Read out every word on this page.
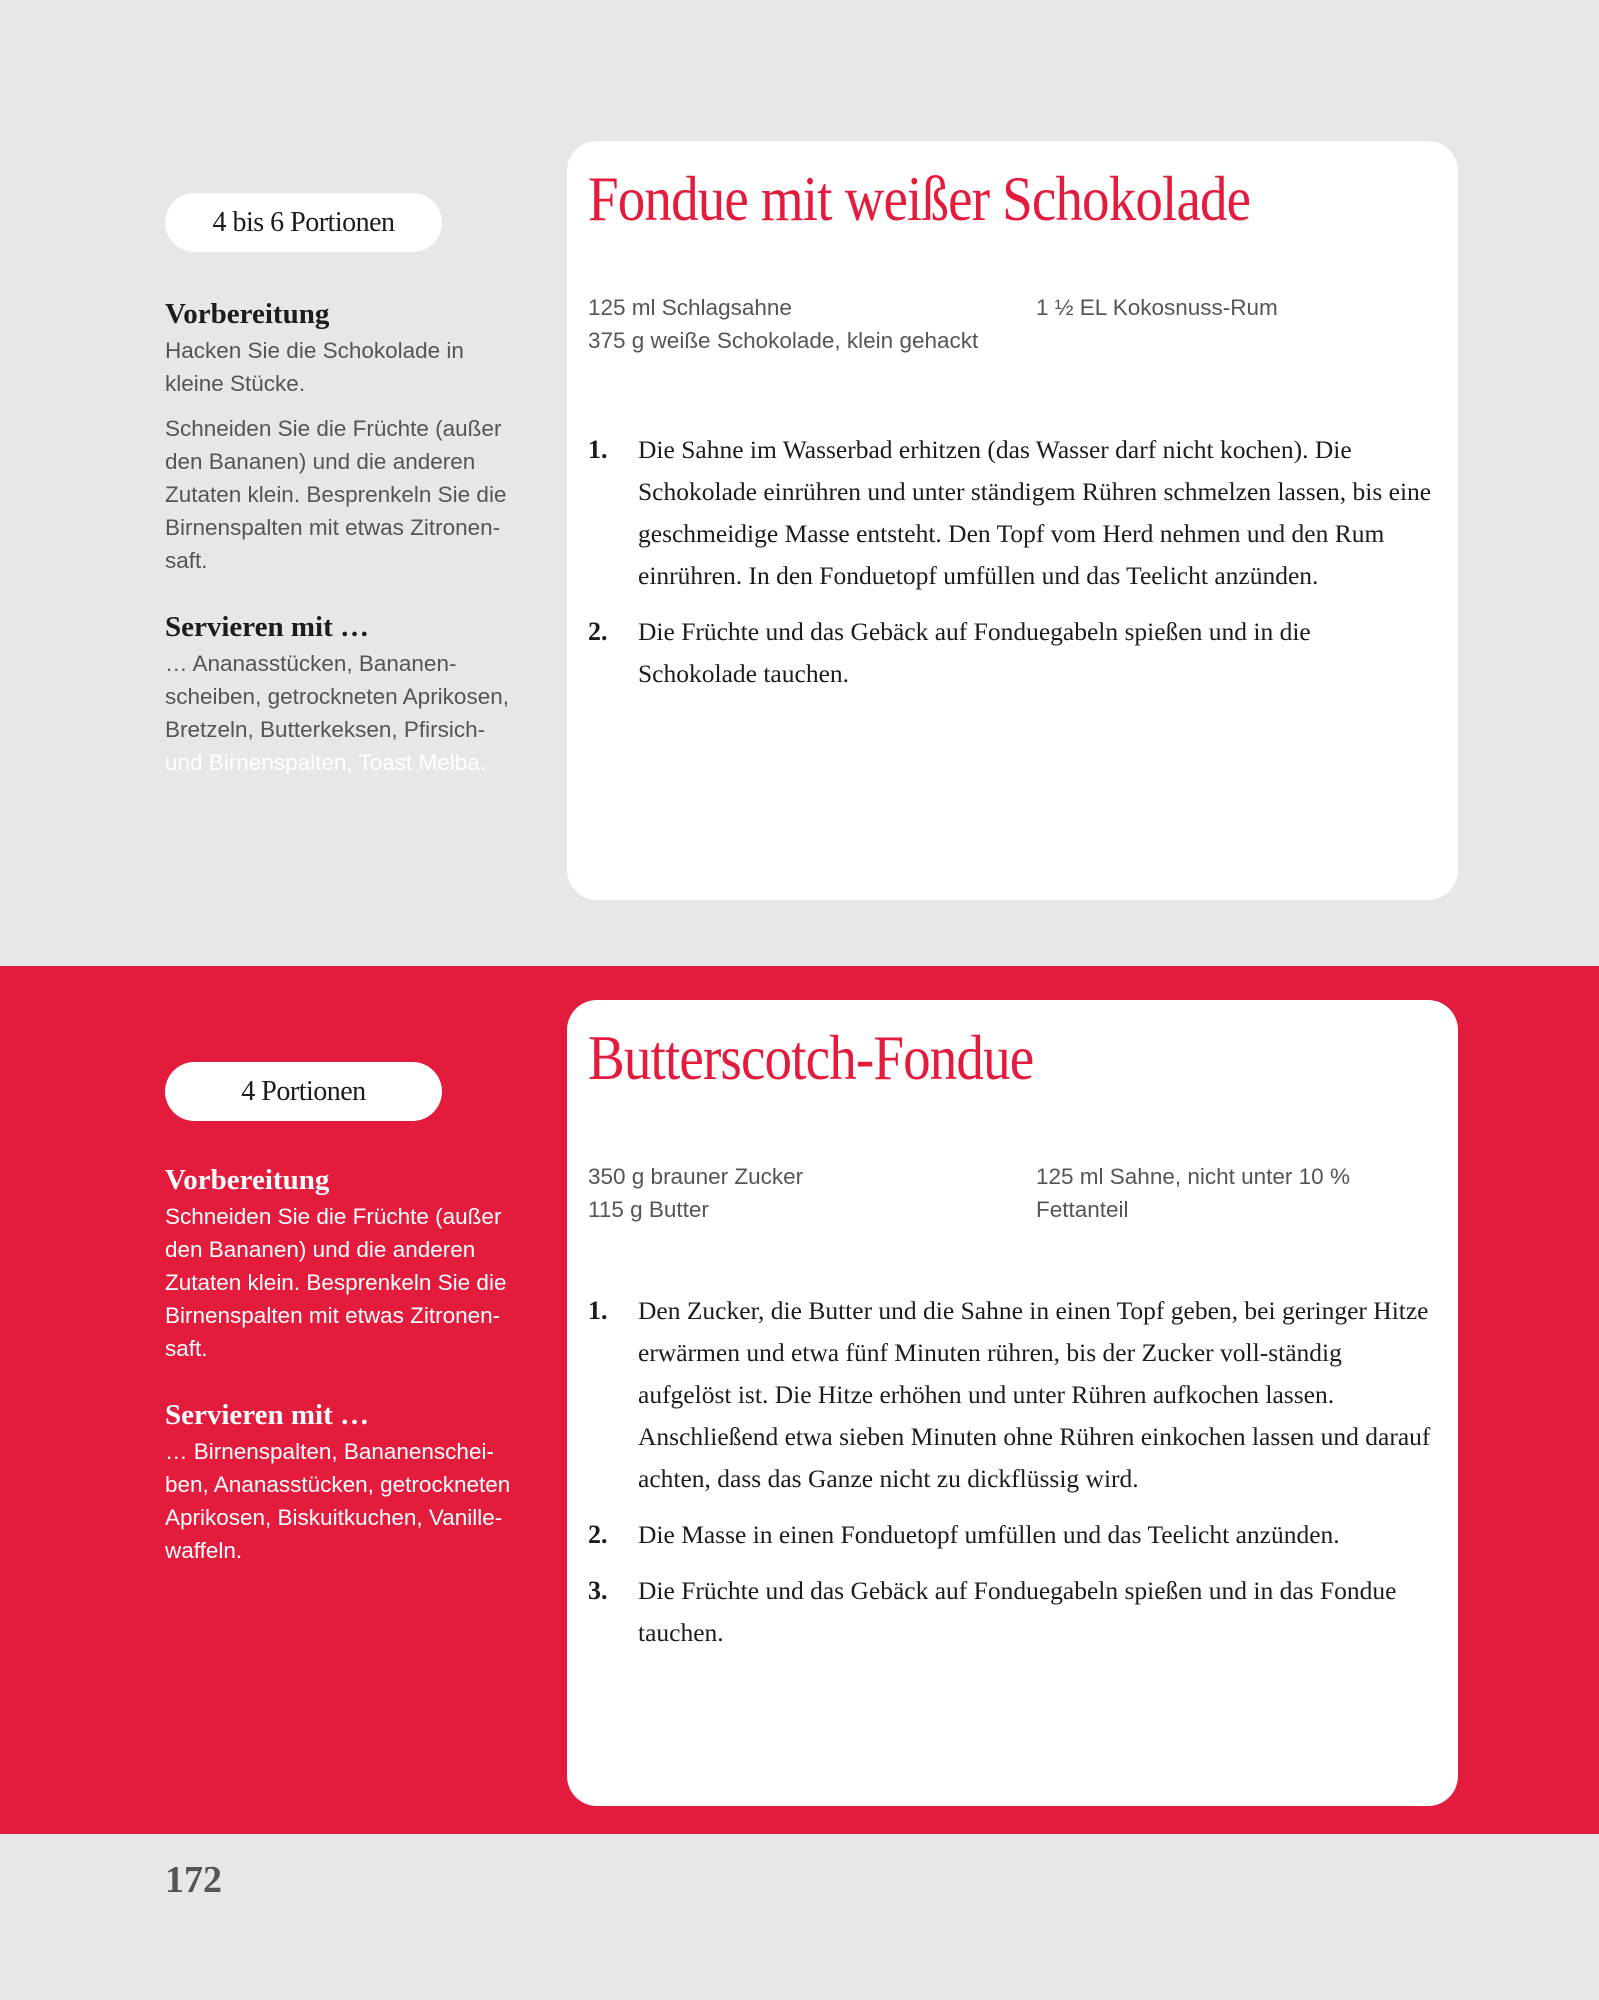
4 bis 6 Portionen
Vorbereitung

Hacken Sie die Schokolade in kleine Stücke.

Schneiden Sie die Früchte (außer den Bananen) und die anderen Zutaten klein. Besprenkeln Sie die Birnenspalten mit etwas Zitronen-saft.

Servieren mit …

… Ananasstücken, Bananen-scheiben, getrockneten Aprikosen, Bretzeln, Butterkeksen, Pfirsich- und Birnenspalten, Toast Melba.

Fondue mit weißer Schokolade
125 ml Schlagsahne
375 g weiße Schokolade, klein gehackt
1 ½ EL Kokosnuss-Rum
1. Die Sahne im Wasserbad erhitzen (das Wasser darf nicht kochen). Die Schokolade einrühren und unter ständigem Rühren schmelzen lassen, bis eine geschmeidige Masse entsteht. Den Topf vom Herd nehmen und den Rum einrühren. In den Fonduetopf umfüllen und das Teelicht anzünden.
2. Die Früchte und das Gebäck auf Fonduegabeln spießen und in die Schokolade tauchen.
4 Portionen
Vorbereitung

Schneiden Sie die Früchte (außer den Bananen) und die anderen Zutaten klein. Besprenkeln Sie die Birnenspalten mit etwas Zitronen-saft.

Servieren mit …

… Birnenspalten, Bananenschei-ben, Ananasstücken, getrockneten Aprikosen, Biskuitkuchen, Vanille-waffeln.

Butterscotch-Fondue
350 g brauner Zucker
115 g Butter
125 ml Sahne, nicht unter 10 % Fettanteil
1. Den Zucker, die Butter und die Sahne in einen Topf geben, bei geringer Hitze erwärmen und etwa fünf Minuten rühren, bis der Zucker voll-ständig aufgelöst ist. Die Hitze erhöhen und unter Rühren aufkochen lassen. Anschließend etwa sieben Minuten ohne Rühren einkochen lassen und darauf achten, dass das Ganze nicht zu dickflüssig wird.
2. Die Masse in einen Fonduetopf umfüllen und das Teelicht anzünden.
3. Die Früchte und das Gebäck auf Fonduegabeln spießen und in das Fondue tauchen.
172
